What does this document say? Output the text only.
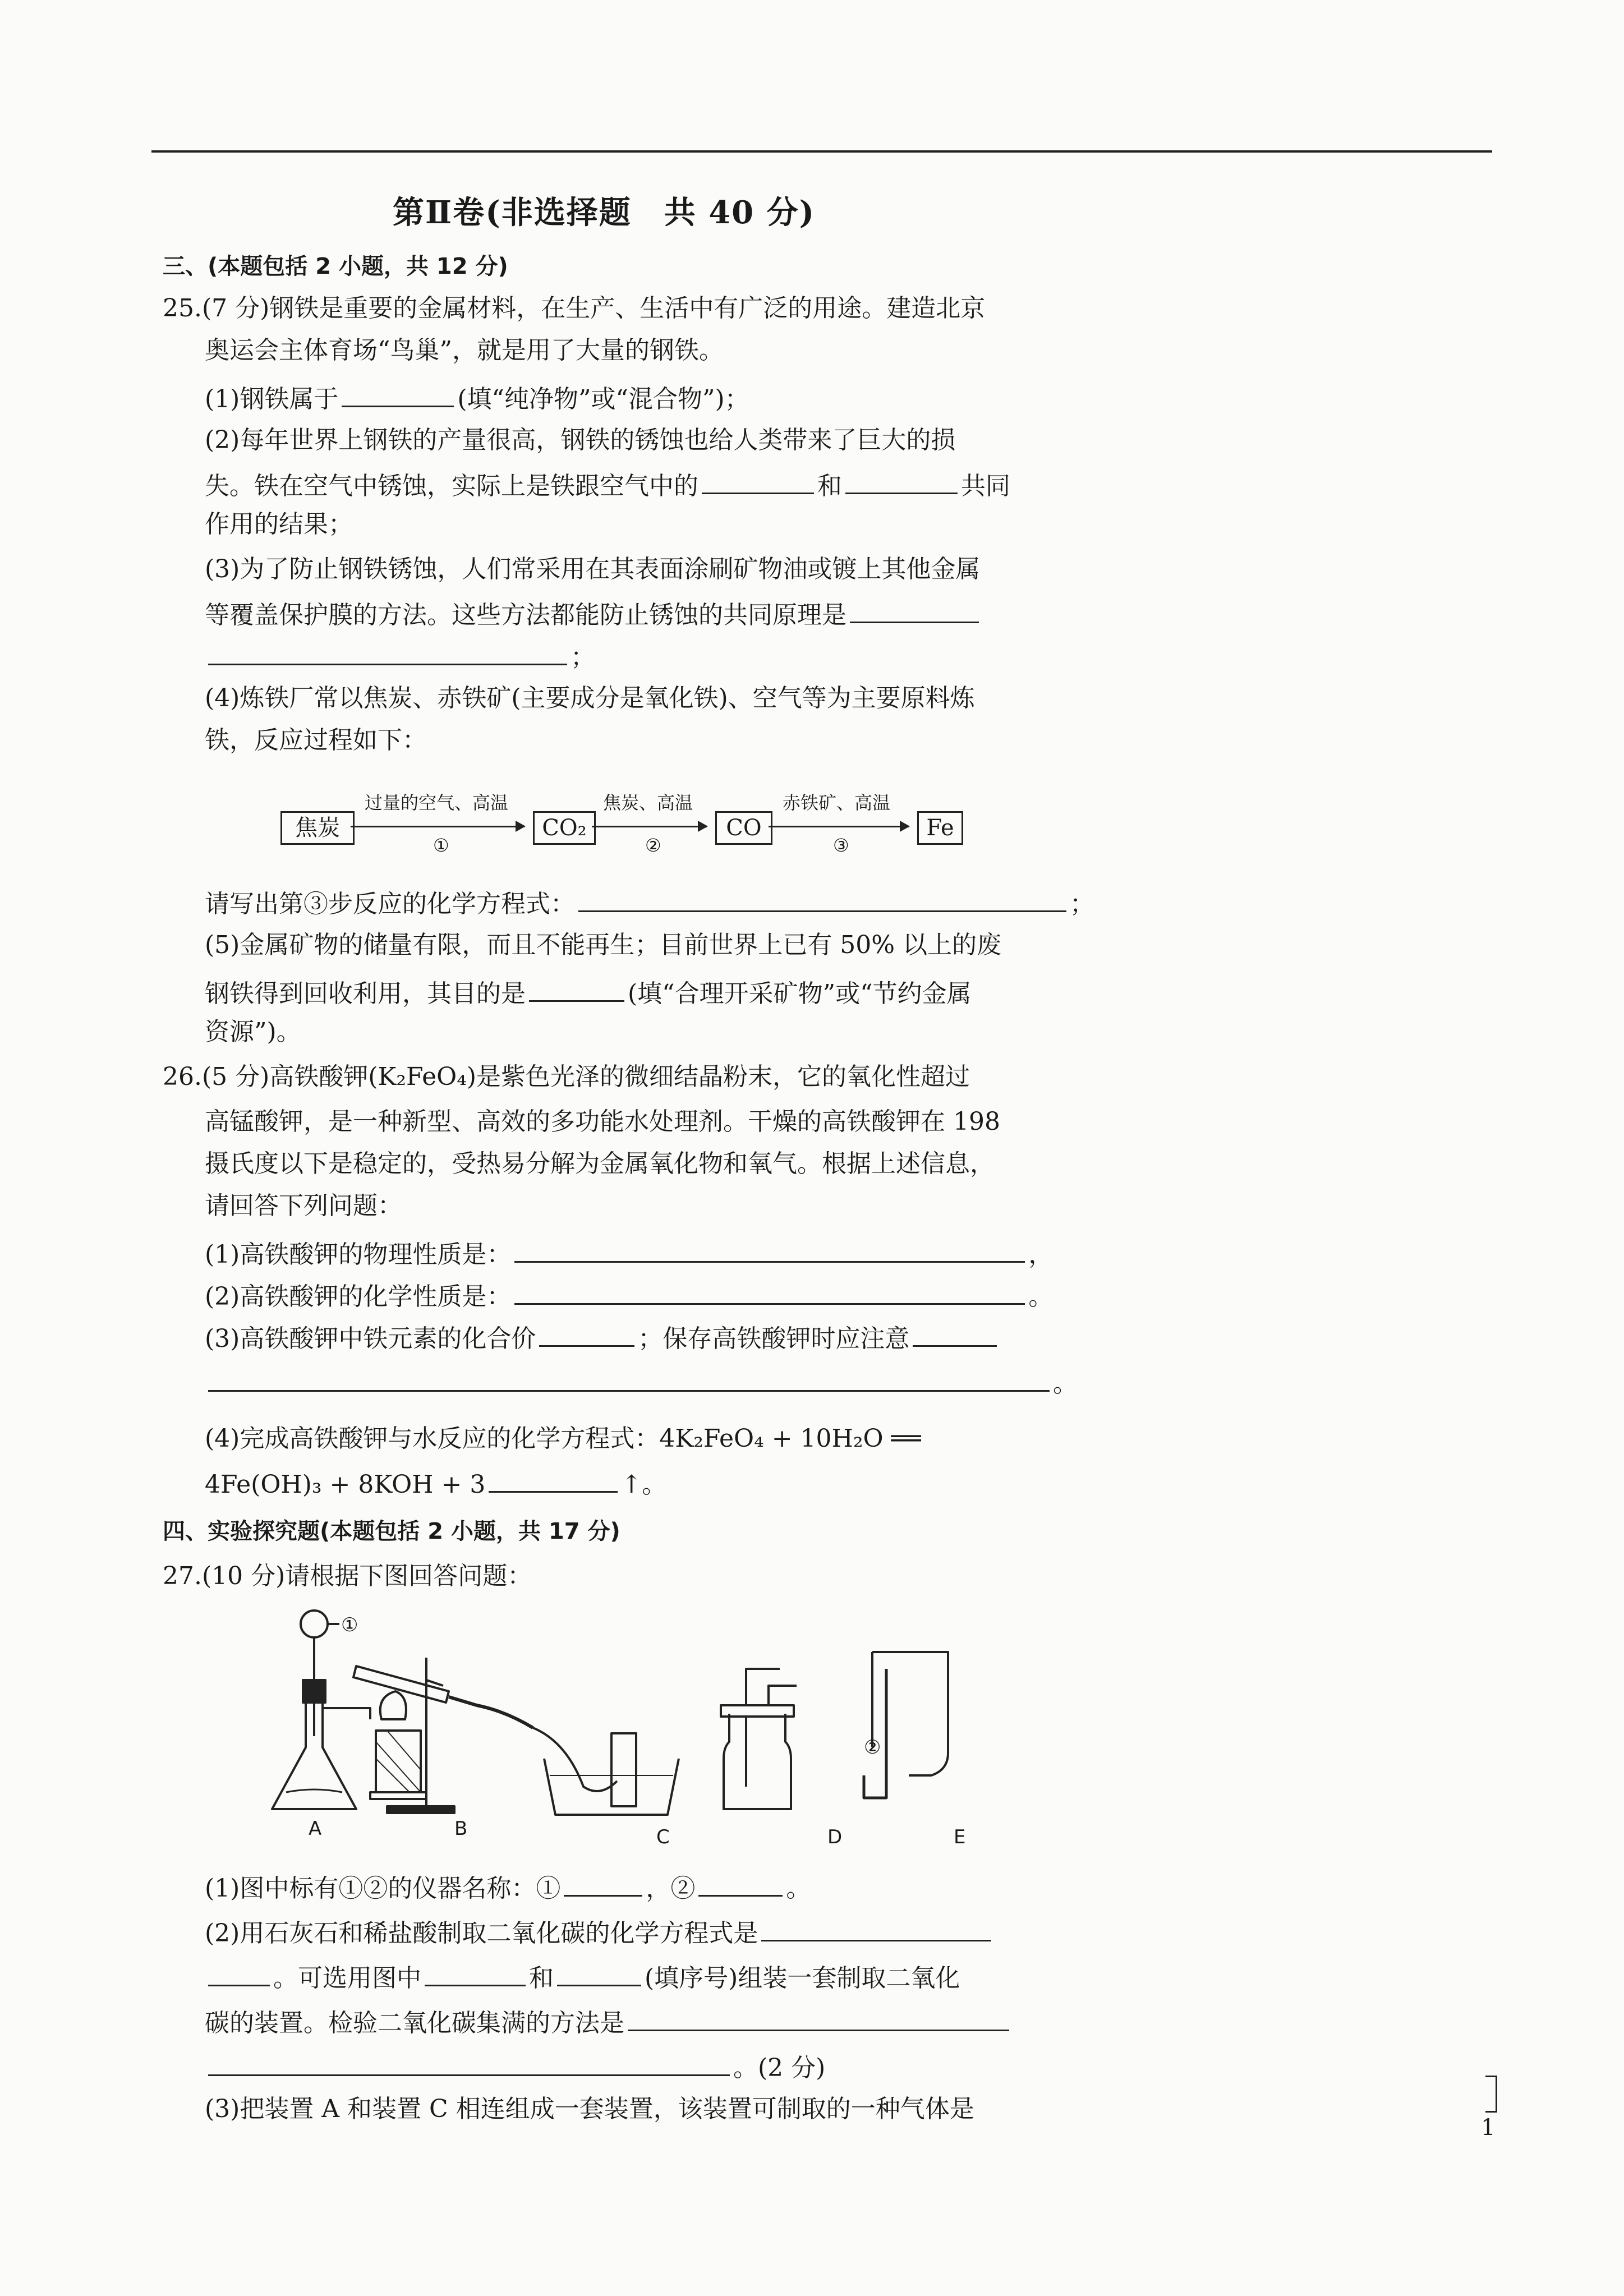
第Ⅱ卷(非选择题　共 40 分)
三、(本题包括 2 小题，共 12 分)
25.(7 分)钢铁是重要的金属材料，在生产、生活中有广泛的用途。建造北京
奥运会主体育场“鸟巢”，就是用了大量的钢铁。
(1)钢铁属于	(填“纯净物”或“混合物”)；
(2)每年世界上钢铁的产量很高，钢铁的锈蚀也给人类带来了巨大的损
失。铁在空气中锈蚀，实际上是铁跟空气中的	和	共同
作用的结果；
(3)为了防止钢铁锈蚀，人们常采用在其表面涂刷矿物油或镀上其他金属
等覆盖保护膜的方法。这些方法都能防止锈蚀的共同原理是
；
(4)炼铁厂常以焦炭、赤铁矿(主要成分是氧化铁)、空气等为主要原料炼
铁，反应过程如下：
焦炭
过量的空气、高温
①
CO₂
焦炭、高温
②
CO
赤铁矿、高温
③
Fe
请写出第③步反应的化学方程式：	；
(5)金属矿物的储量有限，而且不能再生；目前世界上已有 50% 以上的废
钢铁得到回收利用，其目的是	(填“合理开采矿物”或“节约金属
资源”)。
26.(5 分)高铁酸钾(K₂FeO₄)是紫色光泽的微细结晶粉末，它的氧化性超过
高锰酸钾，是一种新型、高效的多功能水处理剂。干燥的高铁酸钾在 198
摄氏度以下是稳定的，受热易分解为金属氧化物和氧气。根据上述信息，
请回答下列问题：
(1)高铁酸钾的物理性质是：	，
(2)高铁酸钾的化学性质是：	。
(3)高铁酸钾中铁元素的化合价	；保存高铁酸钾时应注意
。
(4)完成高铁酸钾与水反应的化学方程式：4K₂FeO₄ + 10H₂O ══
4Fe(OH)₃ + 8KOH + 3	↑。
四、实验探究题(本题包括 2 小题，共 17 分)
27.(10 分)请根据下图回答问题：
①
②
A	B	C	D	E
(1)图中标有①②的仪器名称：①	，②	。
(2)用石灰石和稀盐酸制取二氧化碳的化学方程式是
。可选用图中	和	(填序号)组装一套制取二氧化
碳的装置。检验二氧化碳集满的方法是
。(2 分)
(3)把装置 A 和装置 C 相连组成一套装置，该装置可制取的一种气体是
1
